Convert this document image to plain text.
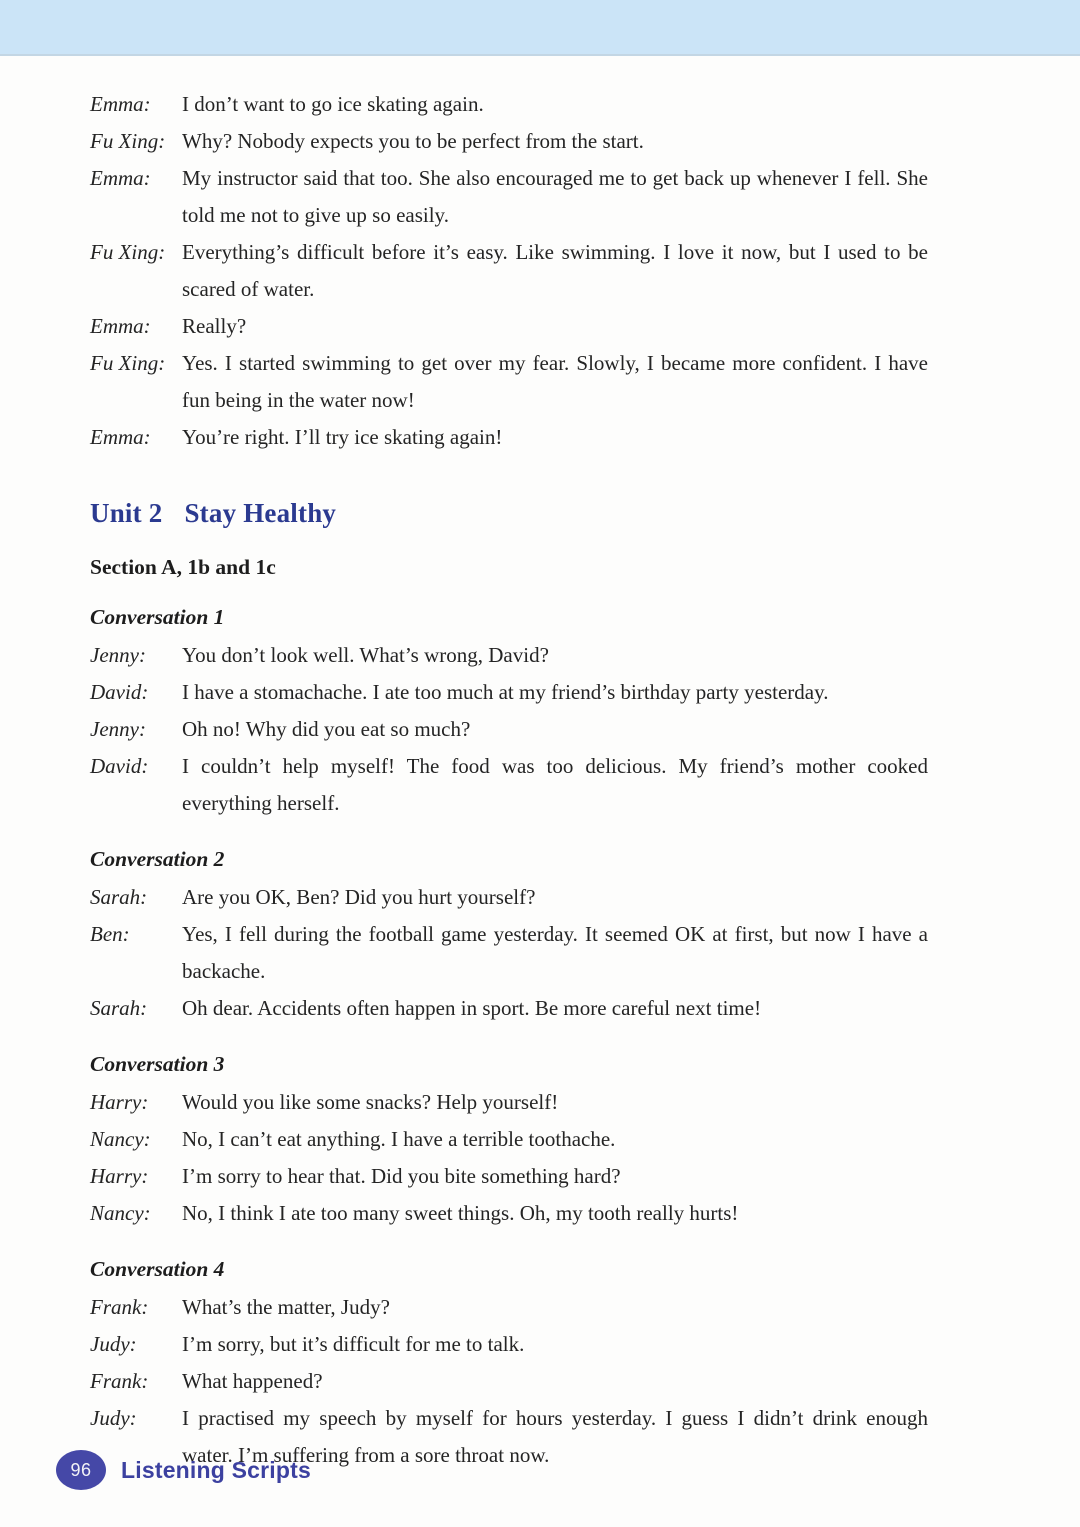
Emma:	I don’t want to go ice skating again.
Fu Xing: Why? Nobody expects you to be perfect from the start.
Emma:	My instructor said that too. She also encouraged me to get back up whenever I fell. She told me not to give up so easily.
Fu Xing: Everything’s difficult before it’s easy. Like swimming. I love it now, but I used to be scared of water.
Emma:	Really?
Fu Xing: Yes. I started swimming to get over my fear. Slowly, I became more confident. I have fun being in the water now!
Emma:	You’re right. I’ll try ice skating again!
Unit 2 Stay Healthy
Section A, 1b and 1c
Conversation 1
Jenny:	You don’t look well. What’s wrong, David?
David:	I have a stomachache. I ate too much at my friend’s birthday party yesterday.
Jenny:	Oh no! Why did you eat so much?
David:	I couldn’t help myself! The food was too delicious. My friend’s mother cooked everything herself.
Conversation 2
Sarah:	Are you OK, Ben? Did you hurt yourself?
Ben:	Yes, I fell during the football game yesterday. It seemed OK at first, but now I have a backache.
Sarah:	Oh dear. Accidents often happen in sport. Be more careful next time!
Conversation 3
Harry:	Would you like some snacks? Help yourself!
Nancy:	No, I can’t eat anything. I have a terrible toothache.
Harry:	I’m sorry to hear that. Did you bite something hard?
Nancy:	No, I think I ate too many sweet things. Oh, my tooth really hurts!
Conversation 4
Frank:	What’s the matter, Judy?
Judy:	I’m sorry, but it’s difficult for me to talk.
Frank:	What happened?
Judy:	I practised my speech by myself for hours yesterday. I guess I didn’t drink enough water. I’m suffering from a sore throat now.
96	Listening Scripts
